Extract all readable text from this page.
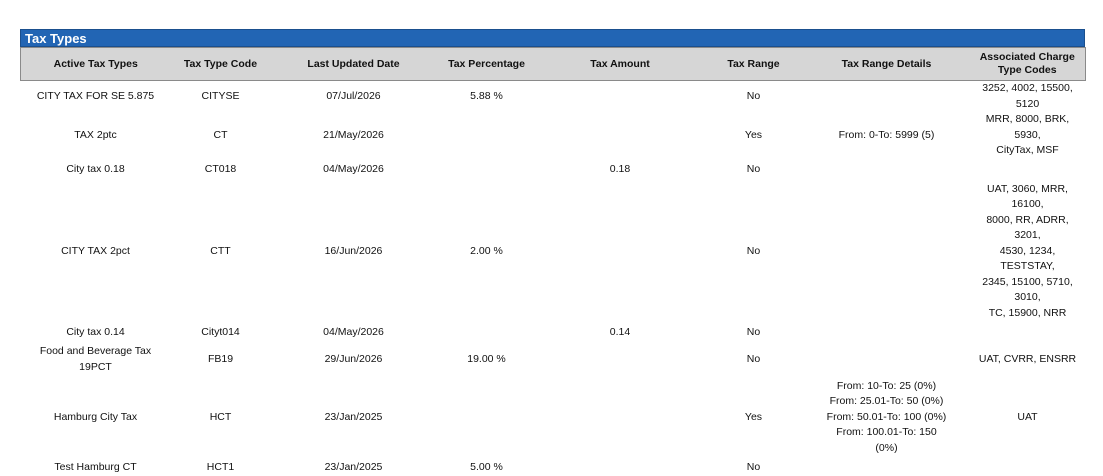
Tax Types
Active Tax Types	Tax Type Code	Last Updated Date	Tax Percentage	Tax Amount	Tax Range	Tax Range Details	Associated Charge Type Codes
CITY TAX FOR SE 5.875	CITYSE	07/Jul/2026	5.88 %		No		3252, 4002, 15500, 5120
TAX 2ptc	CT	21/May/2026			Yes	From: 0-To: 5999 (5)	MRR, 8000, BRK, 5930,
CityTax, MSF
City tax 0.18	CT018	04/May/2026		0.18	No		
CITY TAX 2pct	CTT	16/Jun/2026	2.00 %		No		UAT, 3060, MRR, 16100,
8000, RR, ADRR, 3201,
4530, 1234, TESTSTAY,
2345, 15100, 5710, 3010,
TC, 15900, NRR
City tax 0.14	Cityt014	04/May/2026		0.14	No		
Food and Beverage Tax
19PCT	FB19	29/Jun/2026	19.00 %		No		UAT, CVRR, ENSRR
Hamburg City Tax	HCT	23/Jan/2025			Yes	From: 10-To: 25 (0%)
From: 25.01-To: 50 (0%)
From: 50.01-To: 100 (0%)
From: 100.01-To: 150
(0%)	UAT
Test Hamburg CT	HCT1	23/Jan/2025	5.00 %		No		
